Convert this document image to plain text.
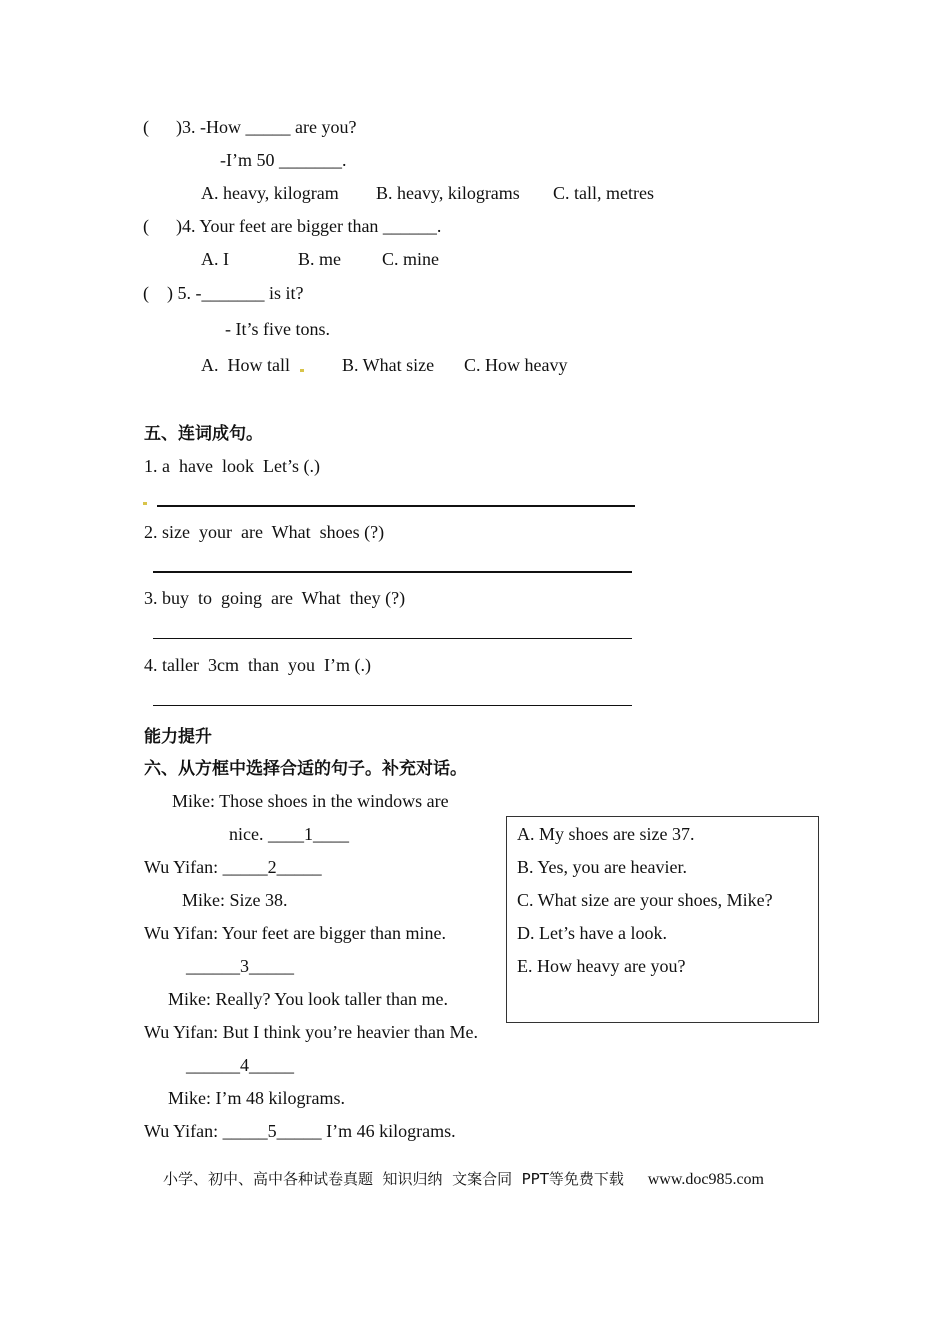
(      )3. -How _____ are you?
-I’m 50 _______.
A. heavy, kilogram B. heavy, kilograms C. tall, metres
(      )4. Your feet are bigger than ______.
A. I	B. me C. mine
(    ) 5. -_______ is it?
- It’s five tons.
A.  How tall	B. What size C. How heavy
五、连词成句。
1. a  have  look  Let’s (.)
2. size  your  are  What  shoes (?)
3. buy  to  going  are  What  they (?)
4. taller  3cm  than  you  I’m (.)
能力提升
六、从方框中选择合适的句子。补充对话。
Mike: Those shoes in the windows are
nice. ____1____
Wu Yifan: _____2_____
Mike: Size 38.
Wu Yifan: Your feet are bigger than mine.
______3_____
Mike: Really? You look taller than me.
Wu Yifan: But I think you’re heavier than Me.
______4_____
Mike: I’m 48 kilograms.
Wu Yifan: _____5_____ I’m 46 kilograms.
A. My shoes are size 37.
B. Yes, you are heavier.
C. What size are your shoes, Mike?
D. Let’s have a look.
E. How heavy are you?
小学、初中、高中各种试卷真题  知识归纳  文案合同  PPT等免费下载 www.doc985.com
